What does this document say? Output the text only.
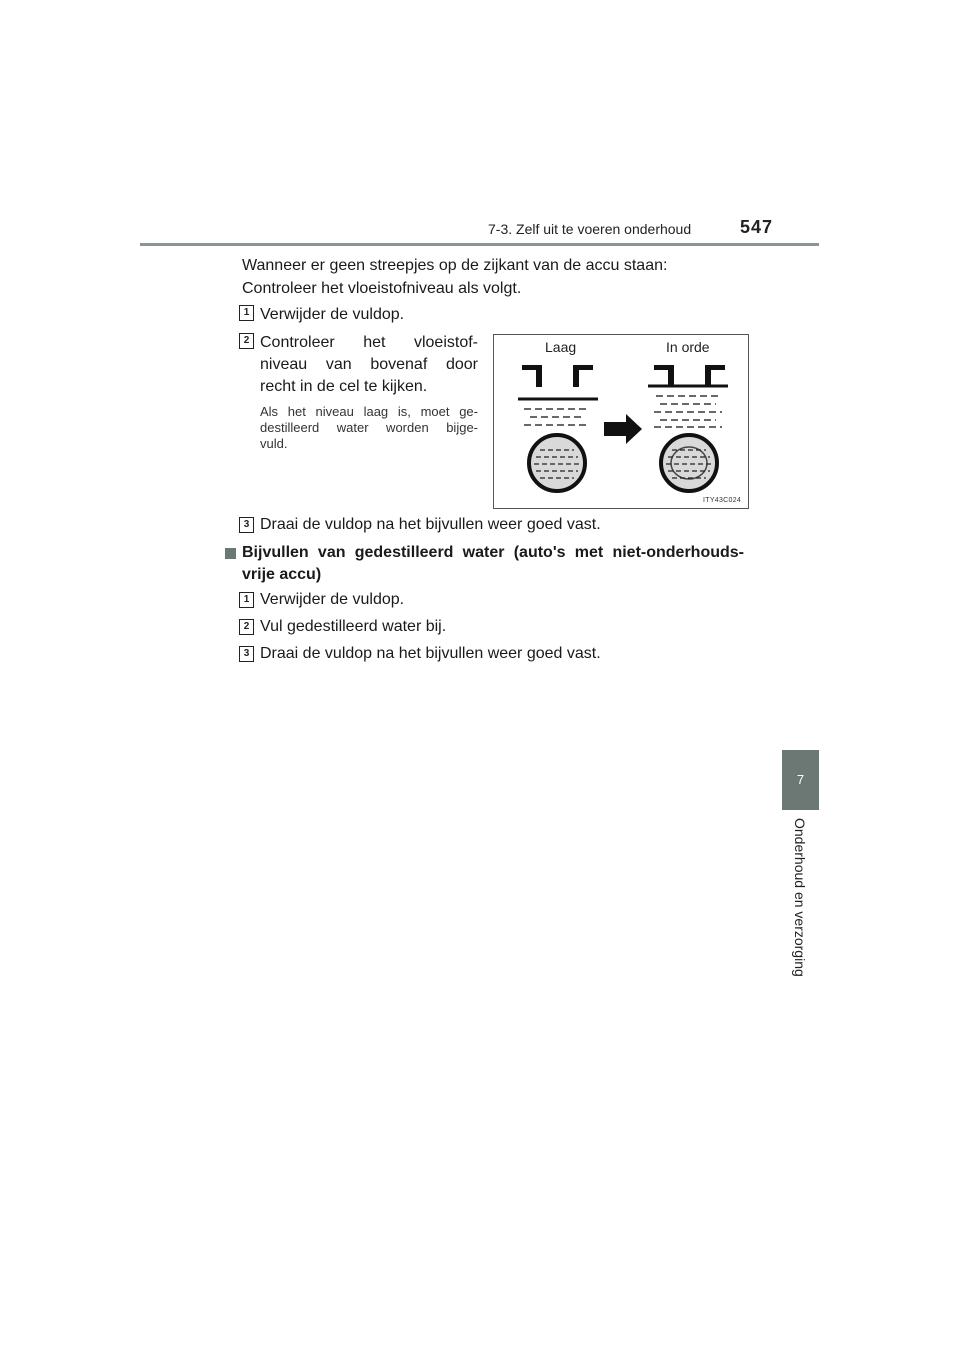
7-3. Zelf uit te voeren onderhoud	547
7
Onderhoud en verzorging
Wanneer er geen streepjes op de zijkant van de accu staan:
Controleer het vloeistofniveau als volgt.
1 Verwijder de vuldop.
2 Controleer het vloeistof-
niveau van bovenaf door
recht in de cel te kijken.
Als het niveau laag is, moet ge-
destilleerd water worden bijge-
vuld.
Laag	In orde
ITY43C024
3 Draai de vuldop na het bijvullen weer goed vast.
Bijvullen van gedestilleerd water (auto's met niet-onderhouds-
vrije accu)
1 Verwijder de vuldop.
2 Vul gedestilleerd water bij.
3 Draai de vuldop na het bijvullen weer goed vast.
